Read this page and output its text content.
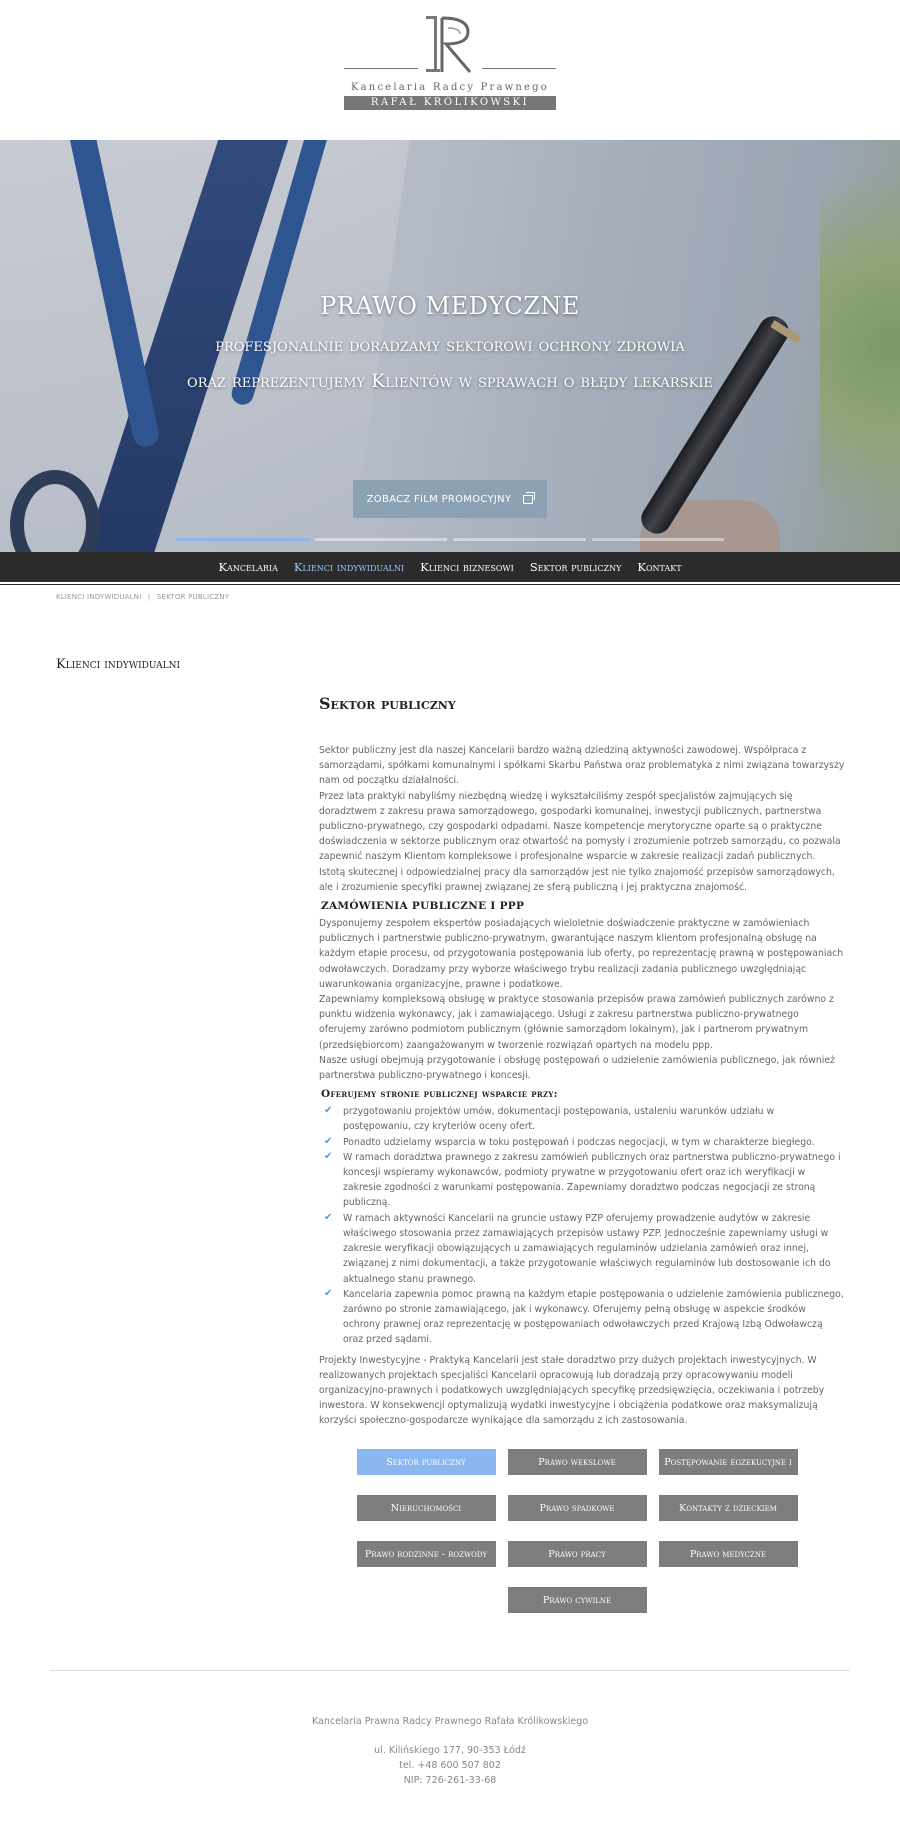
Kancelaria Radcy Prawnego
RAFAŁ KRÓLIKOWSKI
PRAWO MEDYCZNE
profesjonalnie doradzamy sektorowi ochrony zdrowia
oraz reprezentujemy Klientów w sprawach o błędy lekarskie
ZOBACZ FILM PROMOCYJNY
Kancelaria Klienci indywidualni Klienci biznesowi Sektor publiczny Kontakt
KLIENCI INDYWIDUALNI | SEKTOR PUBLICZNY
Klienci indywidualni
Sektor publiczny

Sektor publiczny jest dla naszej Kancelarii bardzo ważną dziedziną aktywności zawodowej. Współpraca z samorządami, spółkami komunalnymi i spółkami Skarbu Państwa oraz problematyka z nimi związana towarzyszy nam od początku działalności.

Przez lata praktyki nabyliśmy niezbędną wiedzę i wykształciliśmy zespół specjalistów zajmujących się doradztwem z zakresu prawa samorządowego, gospodarki komunalnej, inwestycji publicznych, partnerstwa publiczno-prywatnego, czy gospodarki odpadami. Nasze kompetencje merytoryczne oparte są o praktyczne doświadczenia w sektorze publicznym oraz otwartość na pomysły i zrozumienie potrzeb samorządu, co pozwala zapewnić naszym Klientom kompleksowe i profesjonalne wsparcie w zakresie realizacji zadań publicznych.

Istotą skutecznej i odpowiedzialnej pracy dla samorządów jest nie tylko znajomość przepisów samorządowych, ale i zrozumienie specyfiki prawnej związanej ze sferą publiczną i jej praktyczna znajomość.

ZAMÓWIENIA PUBLICZNE I PPP

Dysponujemy zespołem ekspertów posiadających wieloletnie doświadczenie praktyczne w zamówieniach publicznych i partnerstwie publiczno-prywatnym, gwarantujące naszym klientom profesjonalną obsługę na każdym etapie procesu, od przygotowania postępowania lub oferty, po reprezentację prawną w postępowaniach odwoławczych. Doradzamy przy wyborze właściwego trybu realizacji zadania publicznego uwzględniając uwarunkowania organizacyjne, prawne i podatkowe.

Zapewniamy kompleksową obsługę w praktyce stosowania przepisów prawa zamówień publicznych zarówno z punktu widzenia wykonawcy, jak i zamawiającego. Usługi z zakresu partnerstwa publiczno-prywatnego oferujemy zarówno podmiotom publicznym (głównie samorządom lokalnym), jak i partnerom prywatnym (przedsiębiorcom) zaangażowanym w tworzenie rozwiązań opartych na modelu ppp.

Nasze usługi obejmują przygotowanie i obsługę postępowań o udzielenie zamówienia publicznego, jak również partnerstwa publiczno-prywatnego i koncesji.

Oferujemy stronie publicznej wsparcie przy:
✔ przygotowaniu projektów umów, dokumentacji postępowania, ustaleniu warunków udziału w postępowaniu, czy kryteriów oceny ofert.
✔ Ponadto udzielamy wsparcia w toku postępowań i podczas negocjacji, w tym w charakterze biegłego.
✔ W ramach doradztwa prawnego z zakresu zamówień publicznych oraz partnerstwa publiczno-prywatnego i koncesji wspieramy wykonawców, podmioty prywatne w przygotowaniu ofert oraz ich weryfikacji w zakresie zgodności z warunkami postępowania. Zapewniamy doradztwo podczas negocjacji ze stroną publiczną.
✔ W ramach aktywności Kancelarii na gruncie ustawy PZP oferujemy prowadzenie audytów w zakresie właściwego stosowania przez zamawiających przepisów ustawy PZP. Jednocześnie zapewniamy usługi w zakresie weryfikacji obowiązujących u zamawiających regulaminów udzielania zamówień oraz innej, związanej z nimi dokumentacji, a także przygotowanie właściwych regulaminów lub dostosowanie ich do aktualnego stanu prawnego.
✔ Kancelaria zapewnia pomoc prawną na każdym etapie postępowania o udzielenie zamówienia publicznego, zarówno po stronie zamawiającego, jak i wykonawcy. Oferujemy pełną obsługę w aspekcie środków ochrony prawnej oraz reprezentację w postępowaniach odwoławczych przed Krajową Izbą Odwoławczą oraz przed sądami.

Projekty Inwestycyjne - Praktyką Kancelarii jest stałe doradztwo przy dużych projektach inwestycyjnych. W realizowanych projektach specjaliści Kancelarii opracowują lub doradzają przy opracowywaniu modeli organizacyjno-prawnych i podatkowych uwzględniających specyfikę przedsięwzięcia, oczekiwania i potrzeby inwestora. W konsekwencji optymalizują wydatki inwestycyjne i obciążenia podatkowe oraz maksymalizują korzyści społeczno-gospodarcze wynikające dla samorządu z ich zastosowania.

Sektor publiczny	Prawo wekslowe	Postępowanie egzekucyjne i
Nieruchomości	Prawo spadkowe	Kontakty z dzieckiem
Prawo rodzinne - rozwody	Prawo pracy	Prawo medyczne
Prawo cywilne
Kancelaria Prawna Radcy Prawnego Rafała Królikowskiego
ul. Kilińskiego 177, 90-353 Łódź
tel. +48 600 507 802
NIP: 726-261-33-68
